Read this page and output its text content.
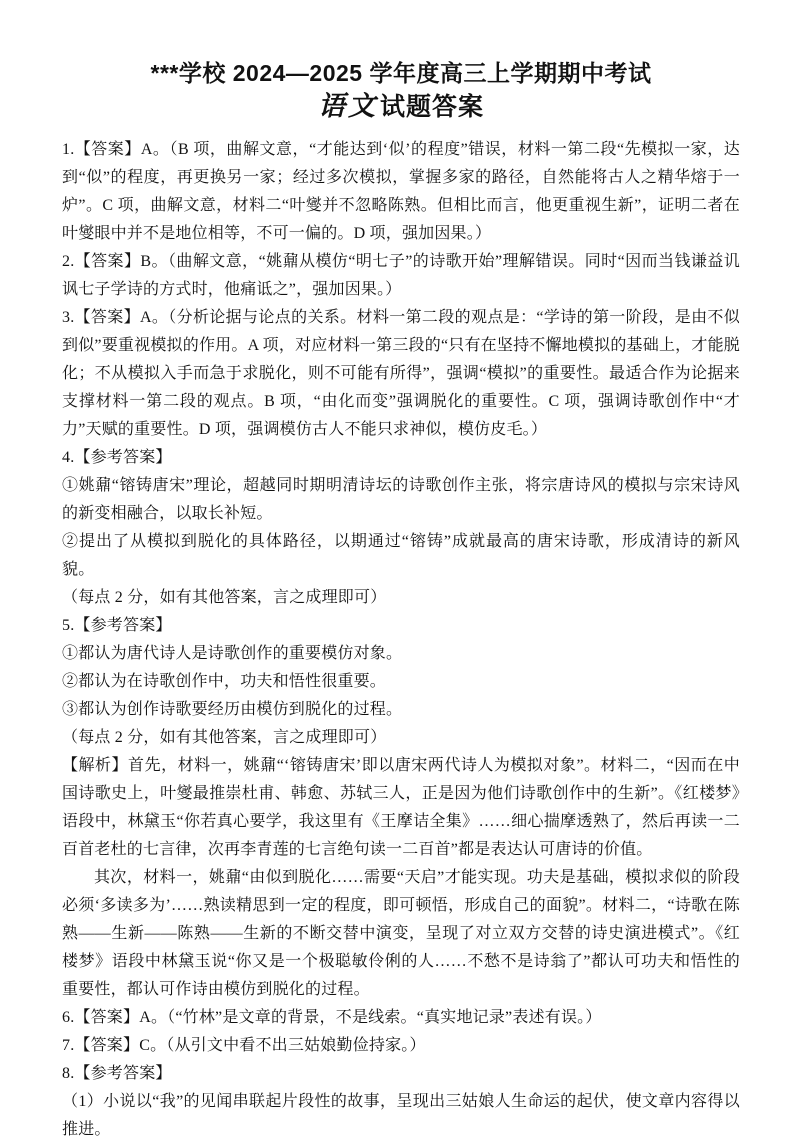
***学校 2024—2025 学年度高三上学期期中考试
语文试题答案

1.【答案】A。（B 项，曲解文意，“才能达到‘似’的程度”错误，材料一第二段“先模拟一家，达到“似”的程度，再更换另一家；经过多次模拟，掌握多家的路径，自然能将古人之精华熔于一炉”。C 项，曲解文意，材料二“叶燮并不忽略陈熟。但相比而言，他更重视生新”，证明二者在叶燮眼中并不是地位相等，不可一偏的。D 项，强加因果。）

2.【答案】B。（曲解文意，“姚鼐从模仿“明七子”的诗歌开始”理解错误。同时“因而当钱谦益讥讽七子学诗的方式时，他痛诋之”，强加因果。）

3.【答案】A。（分析论据与论点的关系。材料一第二段的观点是：“学诗的第一阶段，是由不似到似”要重视模拟的作用。A 项，对应材料一第三段的“只有在坚持不懈地模拟的基础上，才能脱化；不从模拟入手而急于求脱化，则不可能有所得”，强调“模拟”的重要性。最适合作为论据来支撑材料一第二段的观点。B 项，“由化而变”强调脱化的重要性。C 项，强调诗歌创作中“才力”天赋的重要性。D 项，强调模仿古人不能只求神似，模仿皮毛。）

4.【参考答案】

①姚鼐“镕铸唐宋”理论，超越同时期明清诗坛的诗歌创作主张，将宗唐诗风的模拟与宗宋诗风的新变相融合，以取长补短。

②提出了从模拟到脱化的具体路径，以期通过“镕铸”成就最高的唐宋诗歌，形成清诗的新风貌。

（每点 2 分，如有其他答案，言之成理即可）

5.【参考答案】

①都认为唐代诗人是诗歌创作的重要模仿对象。

②都认为在诗歌创作中，功夫和悟性很重要。

③都认为创作诗歌要经历由模仿到脱化的过程。

（每点 2 分，如有其他答案，言之成理即可）

【解析】首先，材料一，姚鼐“‘镕铸唐宋’即以唐宋两代诗人为模拟对象”。材料二，“因而在中国诗歌史上，叶燮最推崇杜甫、韩愈、苏轼三人，正是因为他们诗歌创作中的生新”。《红楼梦》语段中，林黛玉“你若真心要学，我这里有《王摩诘全集》……细心揣摩透熟了，然后再读一二百首老杜的七言律，次再李青莲的七言绝句读一二百首”都是表达认可唐诗的价值。

其次，材料一，姚鼐“由似到脱化……需要“天启”才能实现。功夫是基础，模拟求似的阶段必须‘多读多为’……熟读精思到一定的程度，即可顿悟，形成自己的面貌”。材料二，“诗歌在陈熟——生新——陈熟——生新的不断交替中演变，呈现了对立双方交替的诗史演进模式”。《红楼梦》语段中林黛玉说“你又是一个极聪敏伶俐的人……不愁不是诗翁了”都认可功夫和悟性的重要性，都认可作诗由模仿到脱化的过程。

6.【答案】A。（“竹林”是文章的背景，不是线索。“真实地记录”表述有误。）

7.【答案】C。（从引文中看不出三姑娘勤俭持家。）

8.【参考答案】

（1）小说以“我”的见闻串联起片段性的故事，呈现出三姑娘人生命运的起伏，使文章内容得以推进。
